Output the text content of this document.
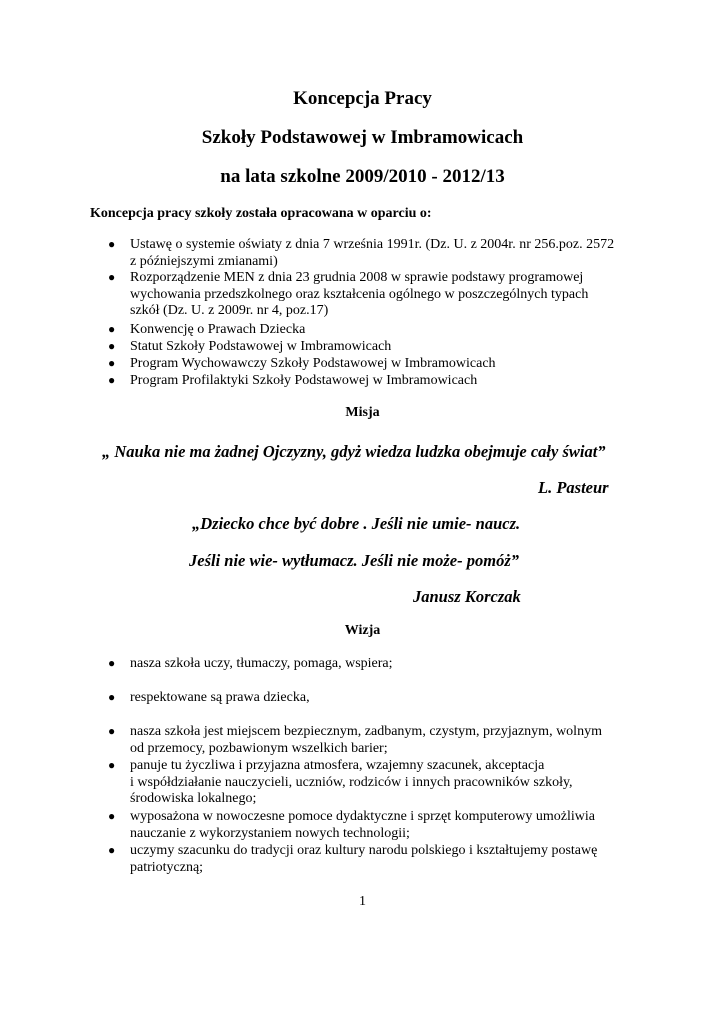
Koncepcja Pracy
Szkoły Podstawowej w Imbramowicach
na lata szkolne 2009/2010 - 2012/13
Koncepcja pracy szkoły została opracowana w oparciu o:
● Ustawę o systemie oświaty z dnia 7 września 1991r. (Dz. U. z 2004r. nr 256.poz. 2572
z późniejszymi zmianami)
● Rozporządzenie MEN z dnia 23 grudnia 2008 w sprawie podstawy programowej
wychowania przedszkolnego oraz kształcenia ogólnego w poszczególnych typach
szkół (Dz. U. z 2009r. nr 4, poz.17)
● Konwencję o Prawach Dziecka
● Statut Szkoły Podstawowej w Imbramowicach
● Program Wychowawczy Szkoły Podstawowej w Imbramowicach
● Program Profilaktyki Szkoły Podstawowej w Imbramowicach
Misja
„ Nauka nie ma żadnej Ojczyzny, gdyż wiedza ludzka obejmuje cały świat”
L. Pasteur
„Dziecko chce być dobre . Jeśli nie umie- naucz.
Jeśli nie wie- wytłumacz. Jeśli nie może- pomóż”
Janusz Korczak
Wizja
● nasza szkoła uczy, tłumaczy, pomaga, wspiera;
● respektowane są prawa dziecka,
● nasza szkoła jest miejscem bezpiecznym, zadbanym, czystym, przyjaznym, wolnym
od przemocy, pozbawionym wszelkich barier;
● panuje tu życzliwa i przyjazna atmosfera, wzajemny szacunek, akceptacja
i współdziałanie nauczycieli, uczniów, rodziców i innych pracowników szkoły,
środowiska lokalnego;
● wyposażona w nowoczesne pomoce dydaktyczne i sprzęt komputerowy umożliwia
nauczanie z wykorzystaniem nowych technologii;
● uczymy szacunku do tradycji oraz kultury narodu polskiego i kształtujemy postawę
patriotyczną;
1
